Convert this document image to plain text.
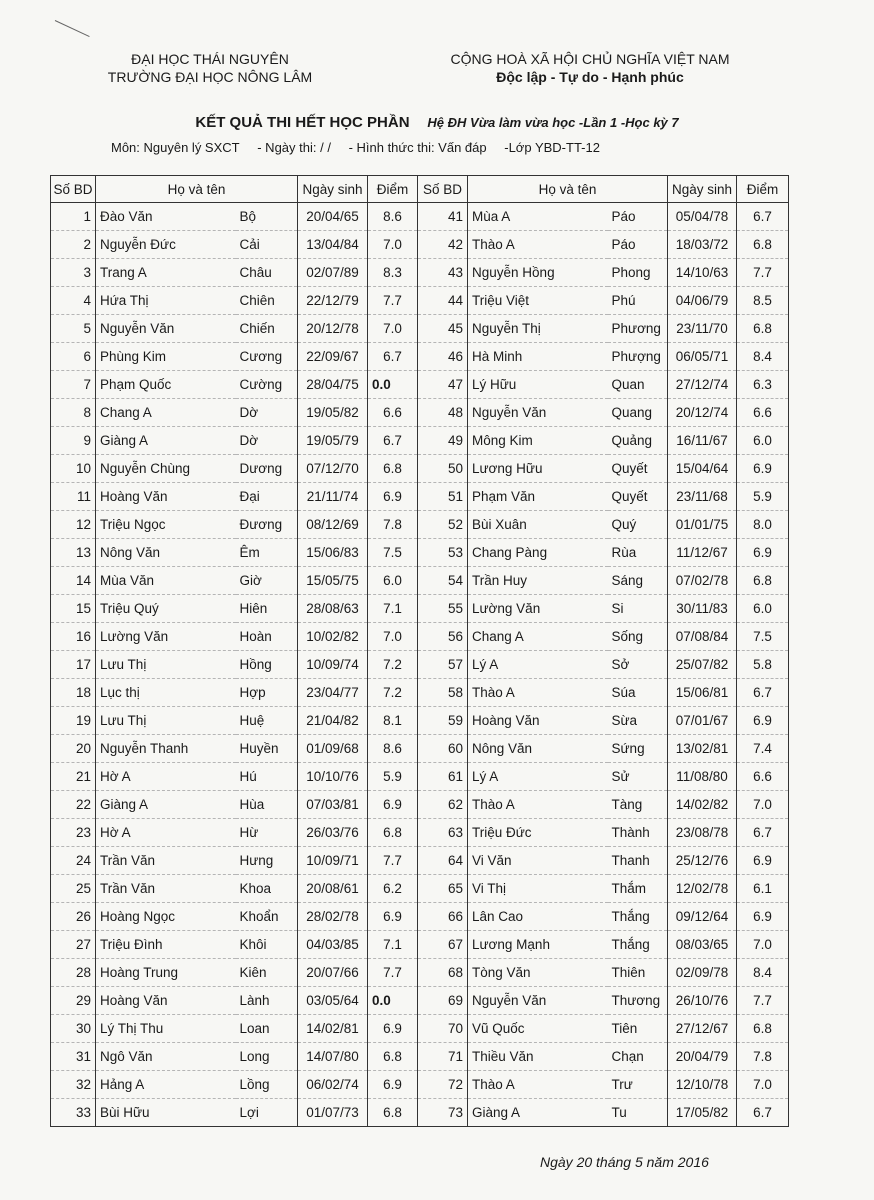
ĐẠI HỌC THÁI NGUYÊN
TRƯỜNG ĐẠI HỌC NÔNG LÂM
CỘNG HOÀ XÃ HỘI CHỦ NGHĨA VIỆT NAM
Độc lập - Tự do - Hạnh phúc
KẾT QUẢ THI HẾT HỌC PHẦN Hệ ĐH Vừa làm vừa học -Lần 1 -Học kỳ 7
Môn: Nguyên lý SXCT - Ngày thi: / / - Hình thức thi: Vấn đáp -Lớp YBD-TT-12
Số BD	Họ và tên		Ngày sinh	Điểm	Số BD	Họ và tên		Ngày sinh	Điểm
1	Đào Văn	Bộ	20/04/65	8.6	41	Mùa A	Páo	05/04/78	6.7
2	Nguyễn Đức	Cải	13/04/84	7.0	42	Thào A	Páo	18/03/72	6.8
3	Trang A	Châu	02/07/89	8.3	43	Nguyễn Hồng	Phong	14/10/63	7.7
4	Hứa Thị	Chiên	22/12/79	7.7	44	Triệu Việt	Phú	04/06/79	8.5
5	Nguyễn Văn	Chiến	20/12/78	7.0	45	Nguyễn Thị	Phương	23/11/70	6.8
6	Phùng Kim	Cương	22/09/67	6.7	46	Hà Minh	Phượng	06/05/71	8.4
7	Phạm Quốc	Cường	28/04/75	0.0	47	Lý Hữu	Quan	27/12/74	6.3
8	Chang A	Dờ	19/05/82	6.6	48	Nguyễn Văn	Quang	20/12/74	6.6
9	Giàng A	Dờ	19/05/79	6.7	49	Mông Kim	Quảng	16/11/67	6.0
10	Nguyễn Chùng	Dương	07/12/70	6.8	50	Lương Hữu	Quyết	15/04/64	6.9
11	Hoàng Văn	Đại	21/11/74	6.9	51	Phạm Văn	Quyết	23/11/68	5.9
12	Triệu Ngọc	Đương	08/12/69	7.8	52	Bùi Xuân	Quý	01/01/75	8.0
13	Nông Văn	Êm	15/06/83	7.5	53	Chang Pàng	Rùa	11/12/67	6.9
14	Mùa Văn	Giờ	15/05/75	6.0	54	Trần Huy	Sáng	07/02/78	6.8
15	Triệu Quý	Hiên	28/08/63	7.1	55	Lường Văn	Si	30/11/83	6.0
16	Lường Văn	Hoàn	10/02/82	7.0	56	Chang A	Sống	07/08/84	7.5
17	Lưu Thị	Hồng	10/09/74	7.2	57	Lý A	Sở	25/07/82	5.8
18	Lục thị	Hợp	23/04/77	7.2	58	Thào A	Súa	15/06/81	6.7
19	Lưu Thị	Huệ	21/04/82	8.1	59	Hoàng Văn	Sừa	07/01/67	6.9
20	Nguyễn Thanh	Huyền	01/09/68	8.6	60	Nông Văn	Sứng	13/02/81	7.4
21	Hờ A	Hú	10/10/76	5.9	61	Lý A	Sử	11/08/80	6.6
22	Giàng A	Hùa	07/03/81	6.9	62	Thào A	Tàng	14/02/82	7.0
23	Hờ A	Hừ	26/03/76	6.8	63	Triệu Đức	Thành	23/08/78	6.7
24	Trần Văn	Hưng	10/09/71	7.7	64	Vi Văn	Thanh	25/12/76	6.9
25	Trần Văn	Khoa	20/08/61	6.2	65	Vi Thị	Thắm	12/02/78	6.1
26	Hoàng Ngọc	Khoẩn	28/02/78	6.9	66	Lân Cao	Thắng	09/12/64	6.9
27	Triệu Đình	Khôi	04/03/85	7.1	67	Lương Mạnh	Thắng	08/03/65	7.0
28	Hoàng Trung	Kiên	20/07/66	7.7	68	Tòng Văn	Thiên	02/09/78	8.4
29	Hoàng Văn	Lành	03/05/64	0.0	69	Nguyễn Văn	Thương	26/10/76	7.7
30	Lý Thị Thu	Loan	14/02/81	6.9	70	Vũ Quốc	Tiên	27/12/67	6.8
31	Ngô Văn	Long	14/07/80	6.8	71	Thiều Văn	Chạn	20/04/79	7.8
32	Hảng A	Lồng	06/02/74	6.9	72	Thào A	Trư	12/10/78	7.0
33	Bùi Hữu	Lợi	01/07/73	6.8	73	Giàng A	Tu	17/05/82	6.7
Ngày 20 tháng 5 năm 2016
